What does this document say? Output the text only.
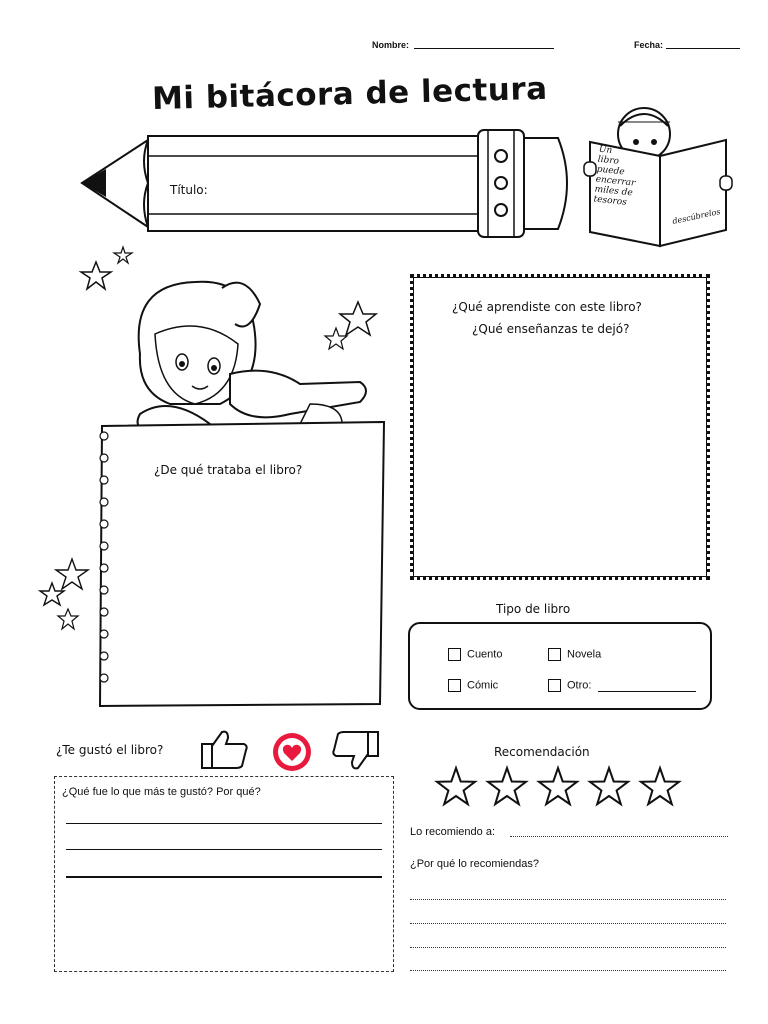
Nombre:	Fecha:
Mi bitácora de lectura
Título:
Un
libro
puede
encerrar
miles de
tesoros
descúbrelos
¿De qué trataba el libro?
¿Qué aprendiste con este libro?
¿Qué enseñanzas te dejó?
Tipo de libro
Cuento	Novela
Cómic	Otro:
¿Te gustó el libro?
¿Qué fue lo que más te gustó? Por qué?
Recomendación
Lo recomiendo a:
¿Por qué lo recomiendas?
